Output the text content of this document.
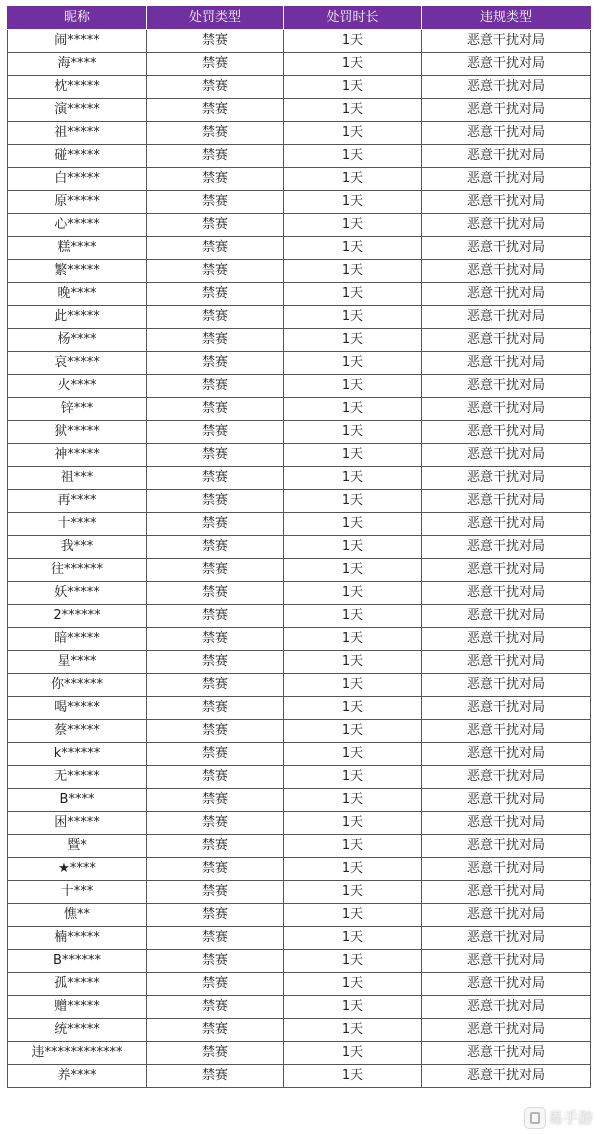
昵称	处罚类型	处罚时长	违规类型
闹*****	禁赛	1天	恶意干扰对局
海****	禁赛	1天	恶意干扰对局
枕*****	禁赛	1天	恶意干扰对局
演*****	禁赛	1天	恶意干扰对局
祖*****	禁赛	1天	恶意干扰对局
碰*****	禁赛	1天	恶意干扰对局
白*****	禁赛	1天	恶意干扰对局
原*****	禁赛	1天	恶意干扰对局
心*****	禁赛	1天	恶意干扰对局
糕****	禁赛	1天	恶意干扰对局
繁*****	禁赛	1天	恶意干扰对局
晚****	禁赛	1天	恶意干扰对局
此*****	禁赛	1天	恶意干扰对局
杨****	禁赛	1天	恶意干扰对局
哀*****	禁赛	1天	恶意干扰对局
火****	禁赛	1天	恶意干扰对局
锌***	禁赛	1天	恶意干扰对局
狱*****	禁赛	1天	恶意干扰对局
神*****	禁赛	1天	恶意干扰对局
祖***	禁赛	1天	恶意干扰对局
再****	禁赛	1天	恶意干扰对局
十****	禁赛	1天	恶意干扰对局
我***	禁赛	1天	恶意干扰对局
往******	禁赛	1天	恶意干扰对局
妖*****	禁赛	1天	恶意干扰对局
2******	禁赛	1天	恶意干扰对局
暗*****	禁赛	1天	恶意干扰对局
星****	禁赛	1天	恶意干扰对局
你******	禁赛	1天	恶意干扰对局
喝*****	禁赛	1天	恶意干扰对局
蔡*****	禁赛	1天	恶意干扰对局
k******	禁赛	1天	恶意干扰对局
无*****	禁赛	1天	恶意干扰对局
B****	禁赛	1天	恶意干扰对局
困*****	禁赛	1天	恶意干扰对局
暨*	禁赛	1天	恶意干扰对局
★****	禁赛	1天	恶意干扰对局
十***	禁赛	1天	恶意干扰对局
憔**	禁赛	1天	恶意干扰对局
楠*****	禁赛	1天	恶意干扰对局
B******	禁赛	1天	恶意干扰对局
孤*****	禁赛	1天	恶意干扰对局
赠*****	禁赛	1天	恶意干扰对局
统*****	禁赛	1天	恶意干扰对局
违************	禁赛	1天	恶意干扰对局
养****	禁赛	1天	恶意干扰对局
易手游
